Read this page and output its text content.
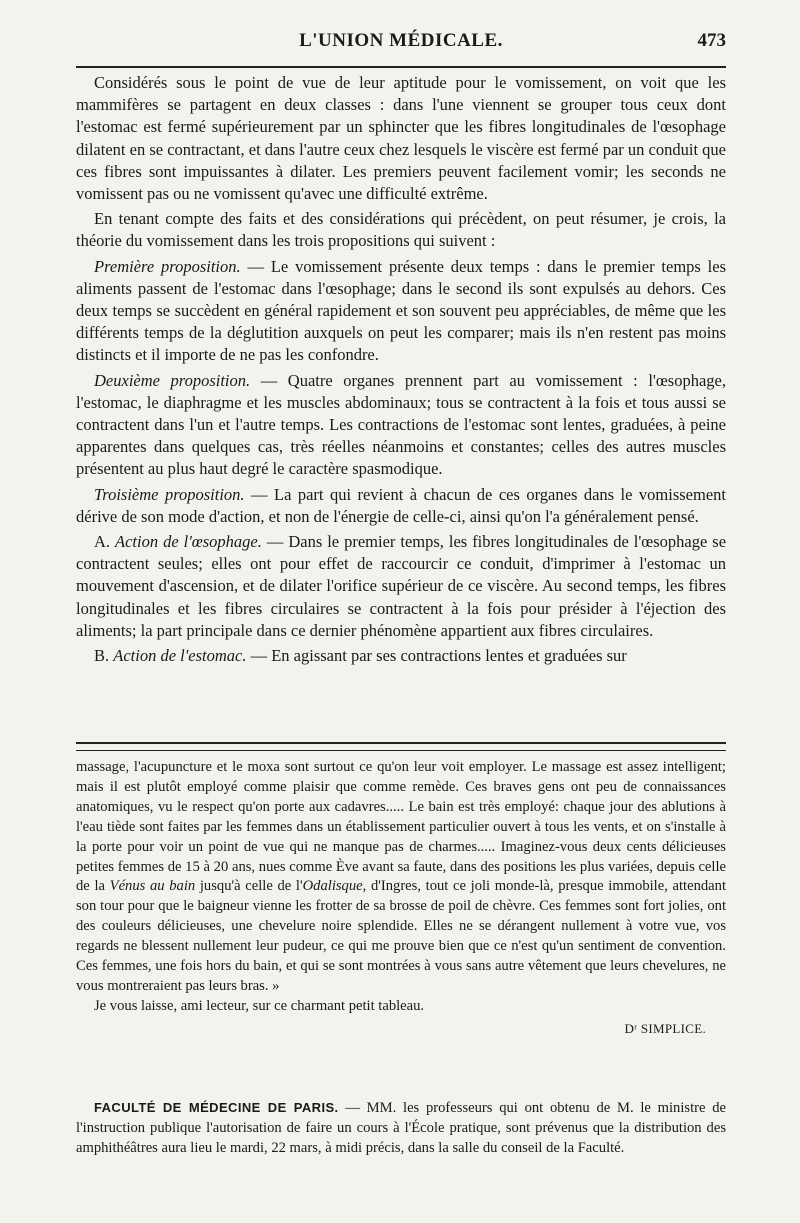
L'UNION MÉDICALE.	473

Considérés sous le point de vue de leur aptitude pour le vomissement, on voit que les mammifères se partagent en deux classes : dans l'une viennent se grouper tous ceux dont l'estomac est fermé supérieurement par un sphincter que les fibres longitudinales de l'œsophage dilatent en se contractant, et dans l'autre ceux chez lesquels le viscère est fermé par un conduit que ces fibres sont impuissantes à dilater. Les premiers peuvent facilement vomir; les seconds ne vomissent pas ou ne vomissent qu'avec une difficulté extrême.

En tenant compte des faits et des considérations qui précèdent, on peut résumer, je crois, la théorie du vomissement dans les trois propositions qui suivent :

Première proposition. — Le vomissement présente deux temps : dans le premier temps les aliments passent de l'estomac dans l'œsophage; dans le second ils sont expulsés au dehors. Ces deux temps se succèdent en général rapidement et son souvent peu appréciables, de même que les différents temps de la déglutition auxquels on peut les comparer; mais ils n'en restent pas moins distincts et il importe de ne pas les confondre.

Deuxième proposition. — Quatre organes prennent part au vomissement : l'œsophage, l'estomac, le diaphragme et les muscles abdominaux; tous se contractent à la fois et tous aussi se contractent dans l'un et l'autre temps. Les contractions de l'estomac sont lentes, graduées, à peine apparentes dans quelques cas, très réelles néanmoins et constantes; celles des autres muscles présentent au plus haut degré le caractère spasmodique.

Troisième proposition. — La part qui revient à chacun de ces organes dans le vomissement dérive de son mode d'action, et non de l'énergie de celle-ci, ainsi qu'on l'a généralement pensé.

A. Action de l'œsophage. — Dans le premier temps, les fibres longitudinales de l'œsophage se contractent seules; elles ont pour effet de raccourcir ce conduit, d'imprimer à l'estomac un mouvement d'ascension, et de dilater l'orifice supérieur de ce viscère. Au second temps, les fibres longitudinales et les fibres circulaires se contractent à la fois pour présider à l'éjection des aliments; la part principale dans ce dernier phénomène appartient aux fibres circulaires.

B. Action de l'estomac. — En agissant par ses contractions lentes et graduées sur

massage, l'acupuncture et le moxa sont surtout ce qu'on leur voit employer. Le massage est assez intelligent; mais il est plutôt employé comme plaisir que comme remède. Ces braves gens ont peu de connaissances anatomiques, vu le respect qu'on porte aux cadavres..... Le bain est très employé: chaque jour des ablutions à l'eau tiède sont faites par les femmes dans un établissement particulier ouvert à tous les vents, et on s'installe à la porte pour voir un point de vue qui ne manque pas de charmes..... Imaginez-vous deux cents délicieuses petites femmes de 15 à 20 ans, nues comme Ève avant sa faute, dans des positions les plus variées, depuis celle de la Vénus au bain jusqu'à celle de l'Odalisque, d'Ingres, tout ce joli monde-là, presque immobile, attendant son tour pour que le baigneur vienne les frotter de sa brosse de poil de chèvre. Ces femmes sont fort jolies, ont des couleurs délicieuses, une chevelure noire splendide. Elles ne se dérangent nullement à votre vue, vos regards ne blessent nullement leur pudeur, ce qui me prouve bien que ce n'est qu'un sentiment de convention. Ces femmes, une fois hors du bain, et qui se sont montrées à vous sans autre vêtement que leurs chevelures, ne vous montreraient pas leurs bras. »

Je vous laisse, ami lecteur, sur ce charmant petit tableau.

Dʳ SIMPLICE.

FACULTÉ DE MÉDECINE DE PARIS. — MM. les professeurs qui ont obtenu de M. le ministre de l'instruction publique l'autorisation de faire un cours à l'École pratique, sont prévenus que la distribution des amphithéâtres aura lieu le mardi, 22 mars, à midi précis, dans la salle du conseil de la Faculté.
